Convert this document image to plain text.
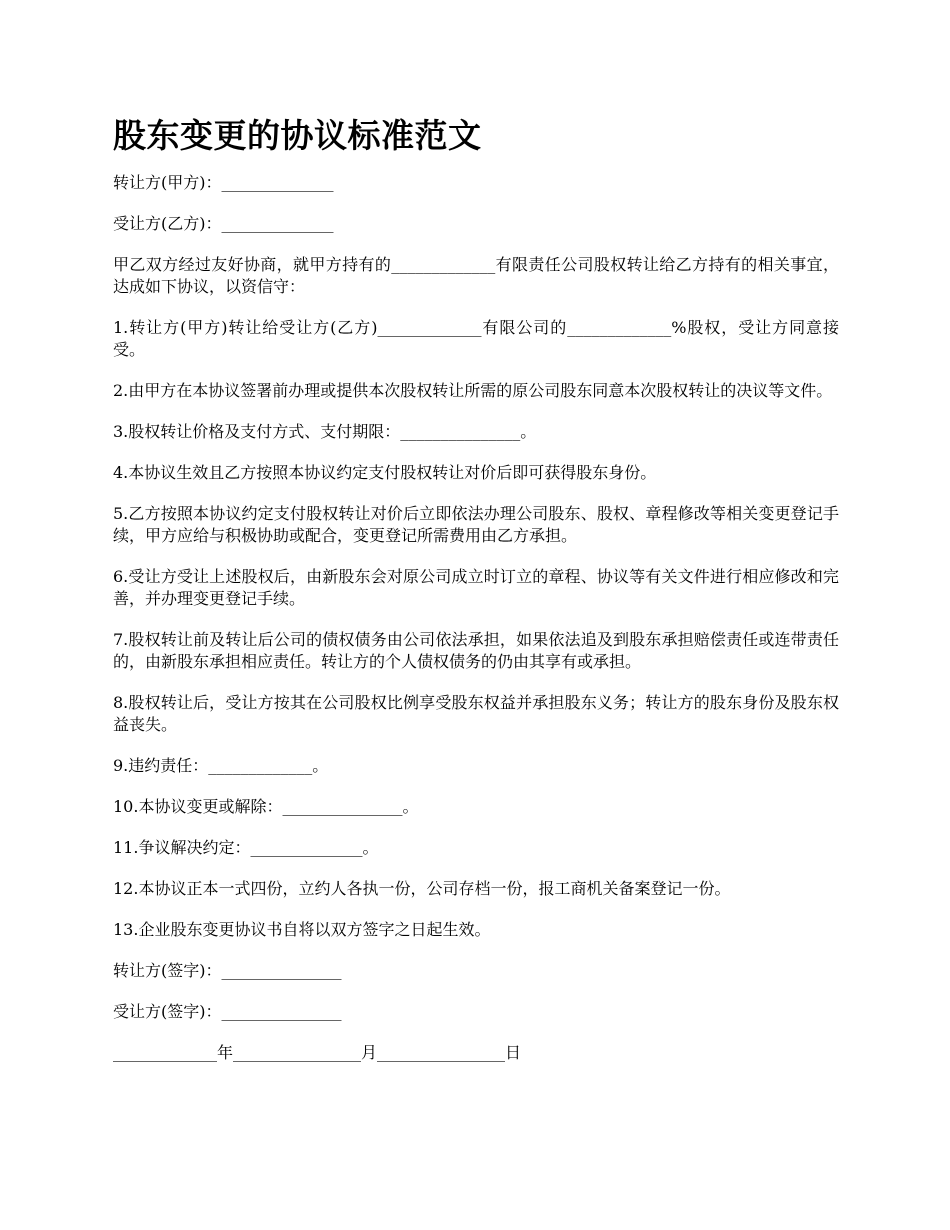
股东变更的协议标准范文

转让方(甲方)：______________

受让方(乙方)：______________

甲乙双方经过友好协商，就甲方持有的_____________有限责任公司股权转让给乙方持有的相关事宜，达成如下协议，以资信守：

1.转让方(甲方)转让给受让方(乙方)_____________有限公司的_____________%股权，受让方同意接受。

2.由甲方在本协议签署前办理或提供本次股权转让所需的原公司股东同意本次股权转让的决议等文件。

3.股权转让价格及支付方式、支付期限：_______________。

4.本协议生效且乙方按照本协议约定支付股权转让对价后即可获得股东身份。

5.乙方按照本协议约定支付股权转让对价后立即依法办理公司股东、股权、章程修改等相关变更登记手续，甲方应给与积极协助或配合，变更登记所需费用由乙方承担。

6.受让方受让上述股权后，由新股东会对原公司成立时订立的章程、协议等有关文件进行相应修改和完善，并办理变更登记手续。

7.股权转让前及转让后公司的债权债务由公司依法承担，如果依法追及到股东承担赔偿责任或连带责任的，由新股东承担相应责任。转让方的个人债权债务的仍由其享有或承担。

8.股权转让后，受让方按其在公司股权比例享受股东权益并承担股东义务；转让方的股东身份及股东权益丧失。

9.违约责任：_____________。

10.本协议变更或解除：_______________。

11.争议解决约定：______________。

12.本协议正本一式四份，立约人各执一份，公司存档一份，报工商机关备案登记一份。

13.企业股东变更协议书自将以双方签字之日起生效。

转让方(签字)：_______________

受让方(签字)：_______________

_____________年________________月________________日
